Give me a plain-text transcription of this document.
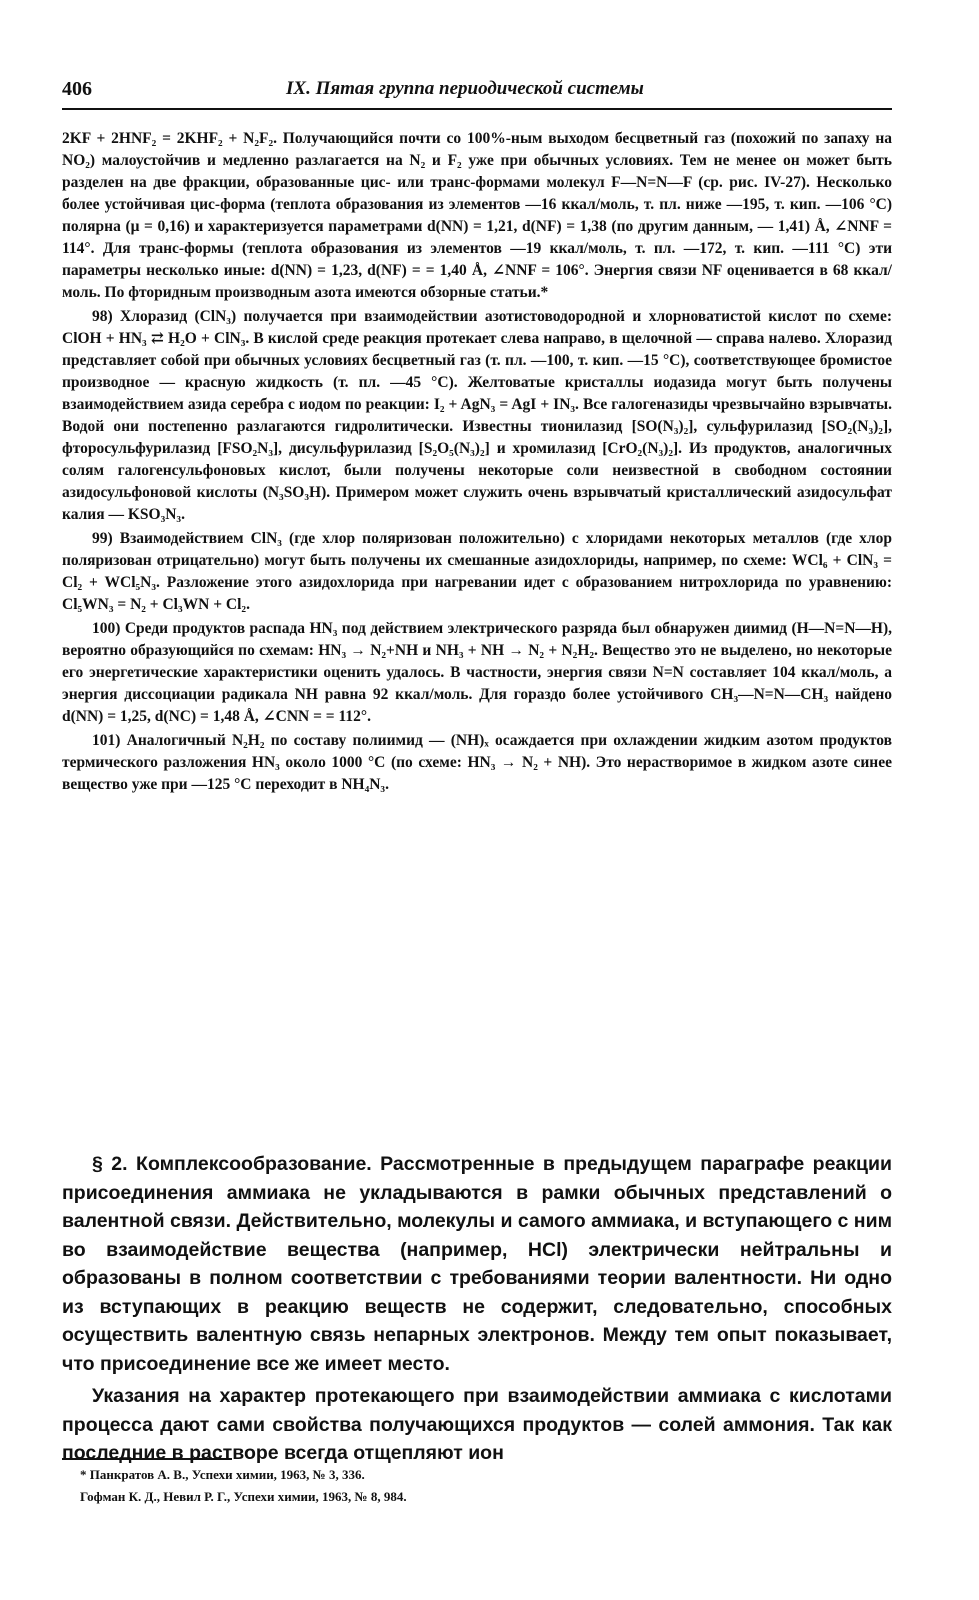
406	IX. Пятая группа периодической системы

2KF + 2HNF₂ = 2KHF₂ + N₂F₂. Получающийся почти со 100%-ным выходом бесцветный газ (похожий по запаху на NO₂) малоустойчив и медленно разлагается на N₂ и F₂ уже при обычных условиях. Тем не менее он может быть разделен на две фракции, образованные цис- или транс-формами молекул F—N=N—F (ср. рис. IV-27). Несколько более устойчивая цис-форма (теплота образования из элементов —16 ккал/моль, т. пл. ниже —195, т. кип. —106 °С) полярна (μ = 0,16) и характеризуется параметрами d(NN) = 1,21, d(NF) = 1,38 (по другим данным, — 1,41) Å, ∠NNF = 114°. Для транс-формы (теплота образования из элементов —19 ккал/моль, т. пл. —172, т. кип. —111 °С) эти параметры несколько иные: d(NN) = 1,23, d(NF) = = 1,40 Å, ∠NNF = 106°. Энергия связи NF оценивается в 68 ккал/моль. По фторидным производным азота имеются обзорные статьи.*

98) Хлоразид (ClN₃) получается при взаимодействии азотистоводородной и хлорноватистой кислот по схеме: ClOH + HN₃ ⇄ H₂O + ClN₃. В кислой среде реакция протекает слева направо, в щелочной — справа налево. Хлоразид представляет собой при обычных условиях бесцветный газ (т. пл. —100, т. кип. —15 °С), соответствующее бромистое производное — красную жидкость (т. пл. —45 °С). Желтоватые кристаллы иодазида могут быть получены взаимодействием азида серебра с иодом по реакции: I₂ + AgN₃ = AgI + IN₃. Все галогеназиды чрезвычайно взрывчаты. Водой они постепенно разлагаются гидролитически. Известны тионилазид [SO(N₃)₂], сульфурилазид [SO₂(N₃)₂], фторосульфурилазид [FSO₂N₃], дисульфурилазид [S₂O₅(N₃)₂] и хромилазид [CrO₂(N₃)₂]. Из продуктов, аналогичных солям галогенсульфоновых кислот, были получены некоторые соли неизвестной в свободном состоянии азидосульфоновой кислоты (N₃SO₃H). Примером может служить очень взрывчатый кристаллический азидосульфат калия — KSO₃N₃.

99) Взаимодействием ClN₃ (где хлор поляризован положительно) с хлоридами некоторых металлов (где хлор поляризован отрицательно) могут быть получены их смешанные азидохлориды, например, по схеме: WCl₆ + ClN₃ = Cl₂ + WCl₅N₃. Разложение этого азидохлорида при нагревании идет с образованием нитрохлорида по уравнению: Cl₅WN₃ = N₂ + Cl₃WN + Cl₂.

100) Среди продуктов распада HN₃ под действием электрического разряда был обнаружен диимид (H—N=N—H), вероятно образующийся по схемам: HN₃ → N₂+NH и NH₃ + NH → N₂ + N₂H₂. Вещество это не выделено, но некоторые его энергетические характеристики оценить удалось. В частности, энергия связи N=N составляет 104 ккал/моль, а энергия диссоциации радикала NH равна 92 ккал/моль. Для гораздо более устойчивого CH₃—N=N—CH₃ найдено d(NN) = 1,25, d(NC) = 1,48 Å, ∠CNN = = 112°.

101) Аналогичный N₂H₂ по составу полиимид — (NH)ₓ осаждается при охлаждении жидким азотом продуктов термического разложения HN₃ около 1000 °С (по схеме: HN₃ → N₂ + NH). Это нерастворимое в жидком азоте синее вещество уже при —125 °С переходит в NH₄N₃.

§ 2. Комплексообразование. Рассмотренные в предыдущем параграфе реакции присоединения аммиака не укладываются в рамки обычных представлений о валентной связи. Действительно, молекулы и самого аммиака, и вступающего с ним во взаимодействие вещества (например, HCl) электрически нейтральны и образованы в полном соответствии с требованиями теории валентности. Ни одно из вступающих в реакцию веществ не содержит, следовательно, способных осуществить валентную связь непарных электронов. Между тем опыт показывает, что присоединение все же имеет место.

Указания на характер протекающего при взаимодействии аммиака с кислотами процесса дают сами свойства получающихся продуктов — солей аммония. Так как последние в растворе всегда отщепляют ион

* Панкратов А. В., Успехи химии, 1963, № 3, 336.

Гофман К. Д., Невил Р. Г., Успехи химии, 1963, № 8, 984.
